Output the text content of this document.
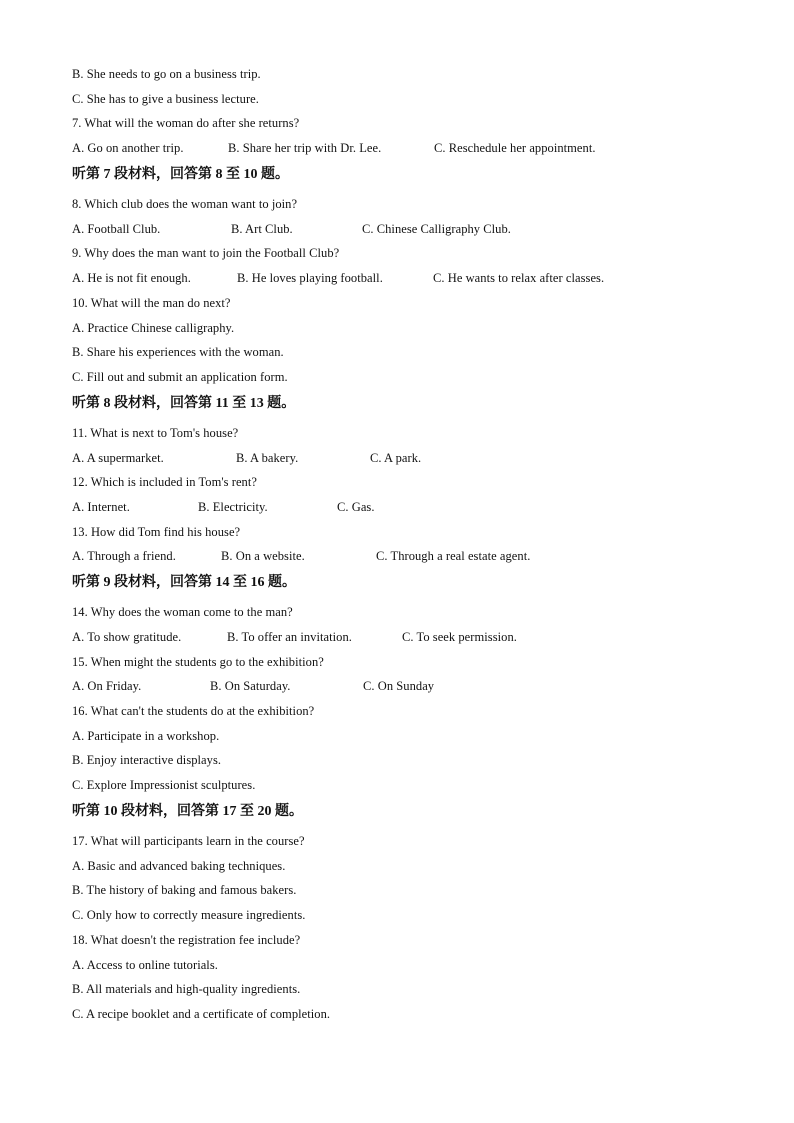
B. She needs to go on a business trip.
C. She has to give a business lecture.
7. What will the woman do after she returns?
A. Go on another trip.	B. Share her trip with Dr. Lee.	C. Reschedule her appointment.
听第 7 段材料，回答第 8 至 10 题。
8. Which club does the woman want to join?
A. Football Club.	B. Art Club.	C. Chinese Calligraphy Club.
9. Why does the man want to join the Football Club?
A. He is not fit enough.	B. He loves playing football.	C. He wants to relax after classes.
10. What will the man do next?
A. Practice Chinese calligraphy.
B. Share his experiences with the woman.
C. Fill out and submit an application form.
听第 8 段材料，回答第 11 至 13 题。
11. What is next to Tom's house?
A. A supermarket.	B. A bakery.	C. A park.
12. Which is included in Tom's rent?
A. Internet.	B. Electricity.	C. Gas.
13. How did Tom find his house?
A. Through a friend.	B. On a website.	C. Through a real estate agent.
听第 9 段材料，回答第 14 至 16 题。
14. Why does the woman come to the man?
A. To show gratitude.	B. To offer an invitation.	C. To seek permission.
15. When might the students go to the exhibition?
A. On Friday.	B. On Saturday.	C. On Sunday
16. What can't the students do at the exhibition?
A. Participate in a workshop.
B. Enjoy interactive displays.
C. Explore Impressionist sculptures.
听第 10 段材料，回答第 17 至 20 题。
17. What will participants learn in the course?
A. Basic and advanced baking techniques.
B. The history of baking and famous bakers.
C. Only how to correctly measure ingredients.
18. What doesn't the registration fee include?
A. Access to online tutorials.
B. All materials and high-quality ingredients.
C. A recipe booklet and a certificate of completion.
